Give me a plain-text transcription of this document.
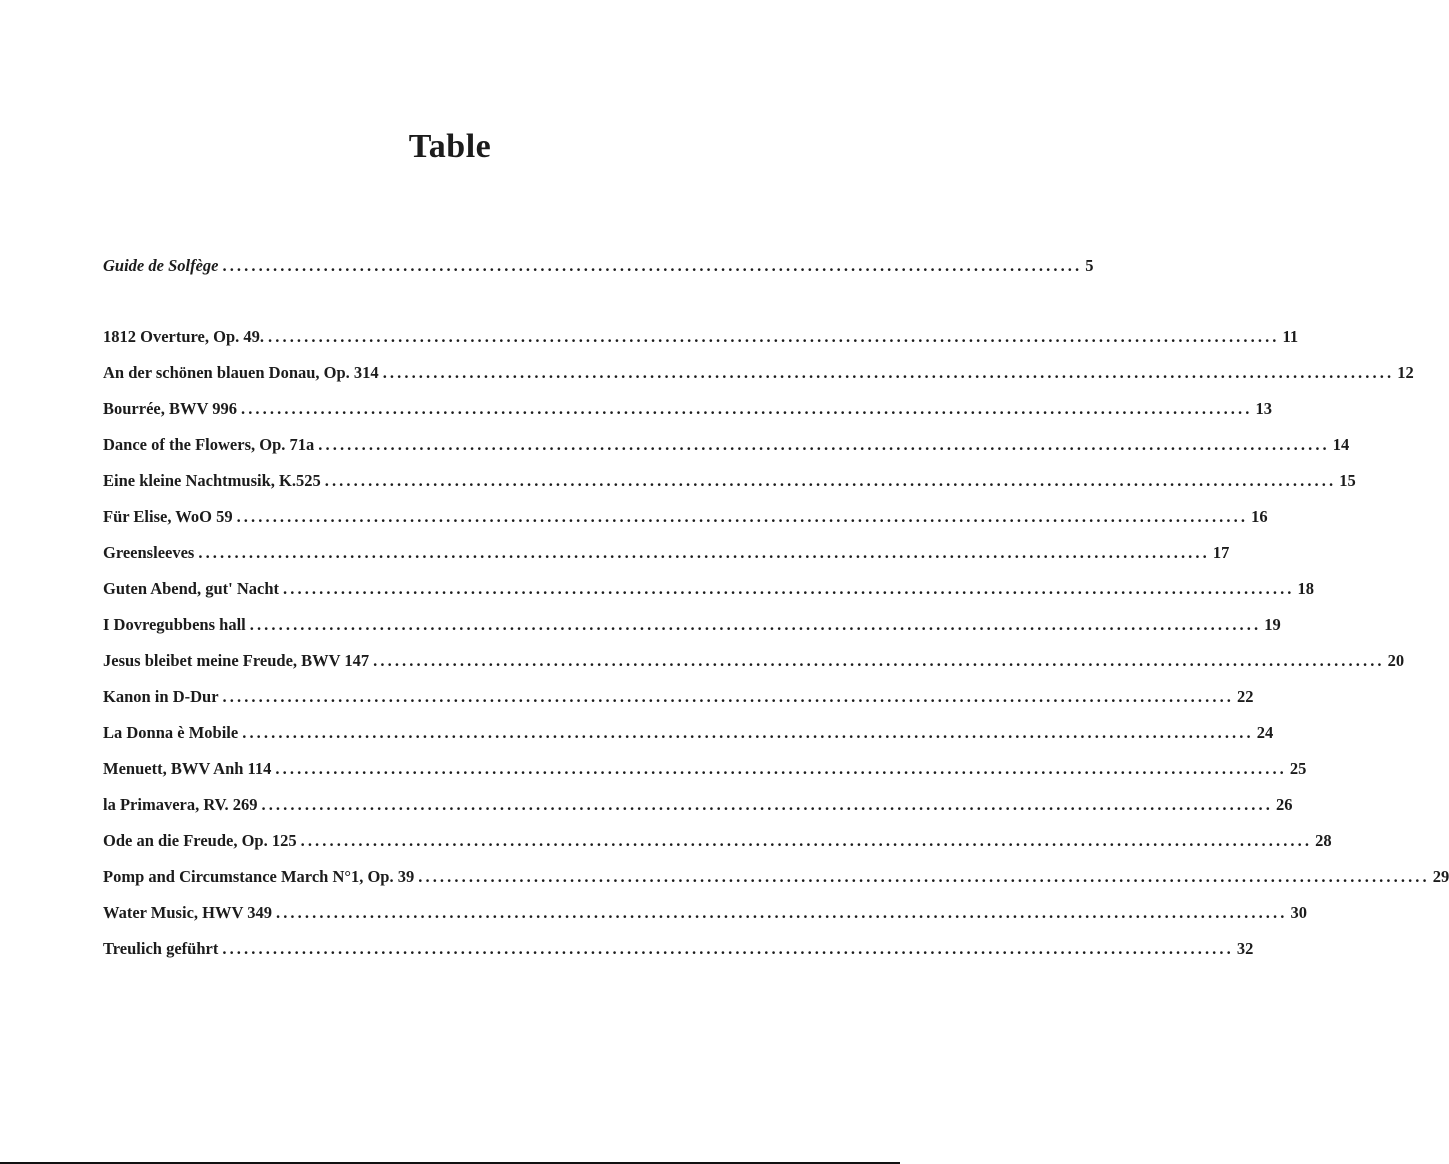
Table
Guide de Solfège ....................................................................................................................... 5
1812 Overture, Op. 49. ............................................................................................................................................ 11
An der schönen blauen Donau, Op. 314 ............................................................................................................................................ 12
Bourrée, BWV 996 ............................................................................................................................................ 13
Dance of the Flowers, Op. 71a ............................................................................................................................................ 14
Eine kleine Nachtmusik, K.525 ............................................................................................................................................ 15
Für Elise, WoO 59 ............................................................................................................................................ 16
Greensleeves ............................................................................................................................................ 17
Guten Abend, gut' Nacht ............................................................................................................................................ 18
I Dovregubbens hall ............................................................................................................................................ 19
Jesus bleibet meine Freude, BWV 147 ............................................................................................................................................ 20
Kanon in D-Dur ............................................................................................................................................ 22
La Donna è Mobile ............................................................................................................................................ 24
Menuett, BWV Anh 114 ............................................................................................................................................ 25
la Primavera, RV. 269 ............................................................................................................................................ 26
Ode an die Freude, Op. 125 ............................................................................................................................................ 28
Pomp and Circumstance March N°1, Op. 39 ............................................................................................................................................ 29
Water Music, HWV 349 ............................................................................................................................................ 30
Treulich geführt ............................................................................................................................................ 32
